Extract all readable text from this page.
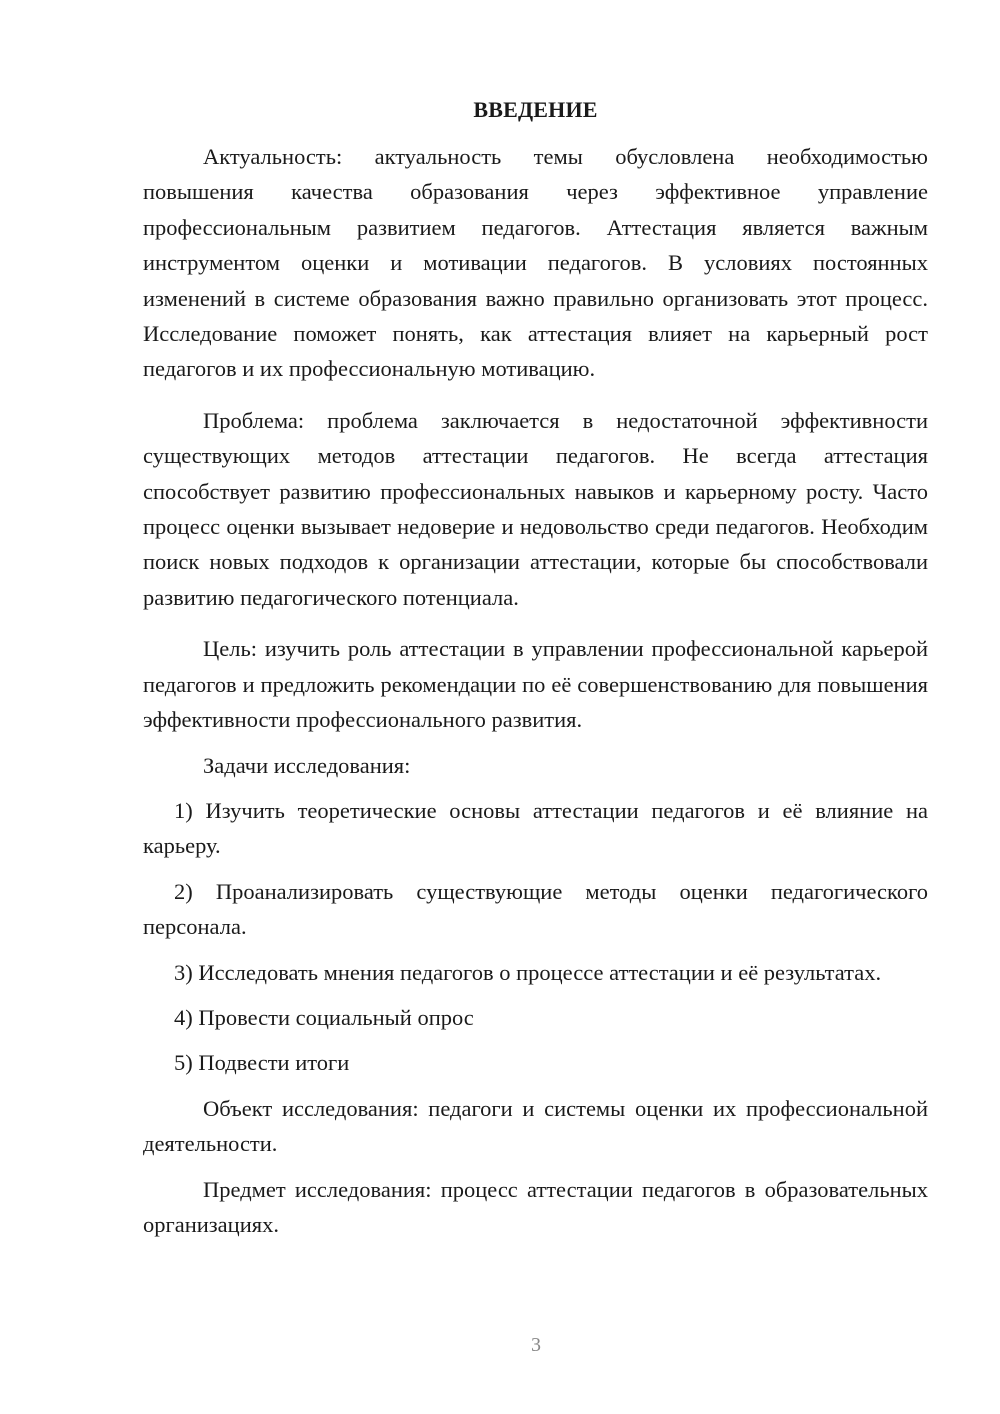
ВВЕДЕНИЕ

Актуальность: актуальность темы обусловлена необходимостью повышения качества образования через эффективное управление профессиональным развитием педагогов. Аттестация является важным инструментом оценки и мотивации педагогов. В условиях постоянных изменений в системе образования важно правильно организовать этот процесс. Исследование поможет понять, как аттестация влияет на карьерный рост педагогов и их профессиональную мотивацию.

Проблема: проблема заключается в недостаточной эффективности существующих методов аттестации педагогов. Не всегда аттестация способствует развитию профессиональных навыков и карьерному росту. Часто процесс оценки вызывает недоверие и недовольство среди педагогов. Необходим поиск новых подходов к организации аттестации, которые бы способствовали развитию педагогического потенциала.

Цель: изучить роль аттестации в управлении профессиональной карьерой педагогов и предложить рекомендации по её совершенствованию для повышения эффективности профессионального развития.

Задачи исследования:

1) Изучить теоретические основы аттестации педагогов и её влияние на карьеру.

2) Проанализировать существующие методы оценки педагогического персонала.

3) Исследовать мнения педагогов о процессе аттестации и её результатах.

4) Провести социальный опрос

5) Подвести итоги

Объект исследования: педагоги и системы оценки их профессиональной деятельности.

Предмет исследования: процесс аттестации педагогов в образовательных организациях.

3
